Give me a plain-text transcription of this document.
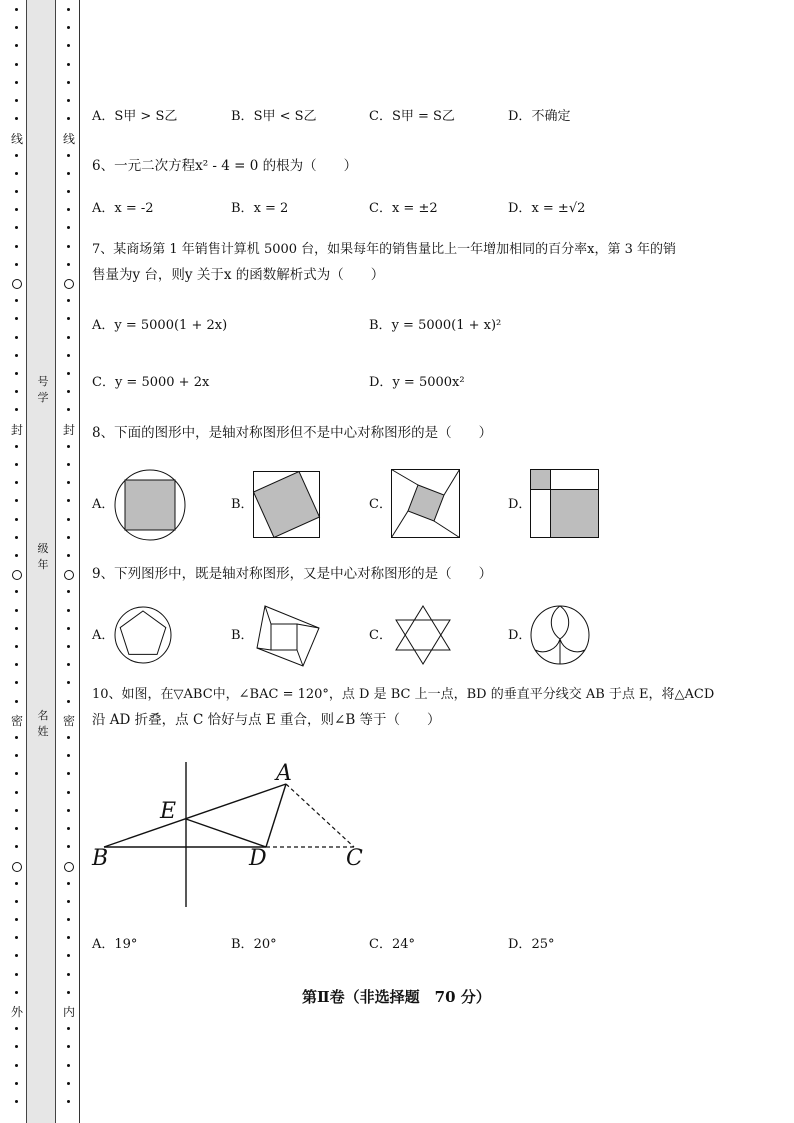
线
封
密
外
线
封
密
内
号学
级年
名姓
A．S甲 > S乙	B．S甲 < S乙	C．S甲 = S乙	D．不确定
6、一元二次方程x² - 4 = 0 的根为（　　）
A．x = -2	B．x = 2	C．x = ±2	D．x = ±√2
7、某商场第 1 年销售计算机 5000 台，如果每年的销售量比上一年增加相同的百分率x，第 3 年的销
售量为y 台，则y 关于x 的函数解析式为（　　）
A．y = 5000(1 + 2x)	B．y = 5000(1 + x)²
C．y = 5000 + 2x	D．y = 5000x²
8、下面的图形中，是轴对称图形但不是中心对称图形的是（　　）
A．	B．	C．	D．
9、下列图形中，既是轴对称图形，又是中心对称图形的是（　　）
A．	B．	C．	D．
10、如图，在▽ABC中，∠BAC = 120°，点 D 是 BC 上一点，BD 的垂直平分线交 AB 于点 E，将△ACD
沿 AD 折叠，点 C 恰好与点 E 重合，则∠B 等于（　　）
A
E
B	D	C
A．19°	B．20°	C．24°	D．25°
第Ⅱ卷（非选择题　70 分）
